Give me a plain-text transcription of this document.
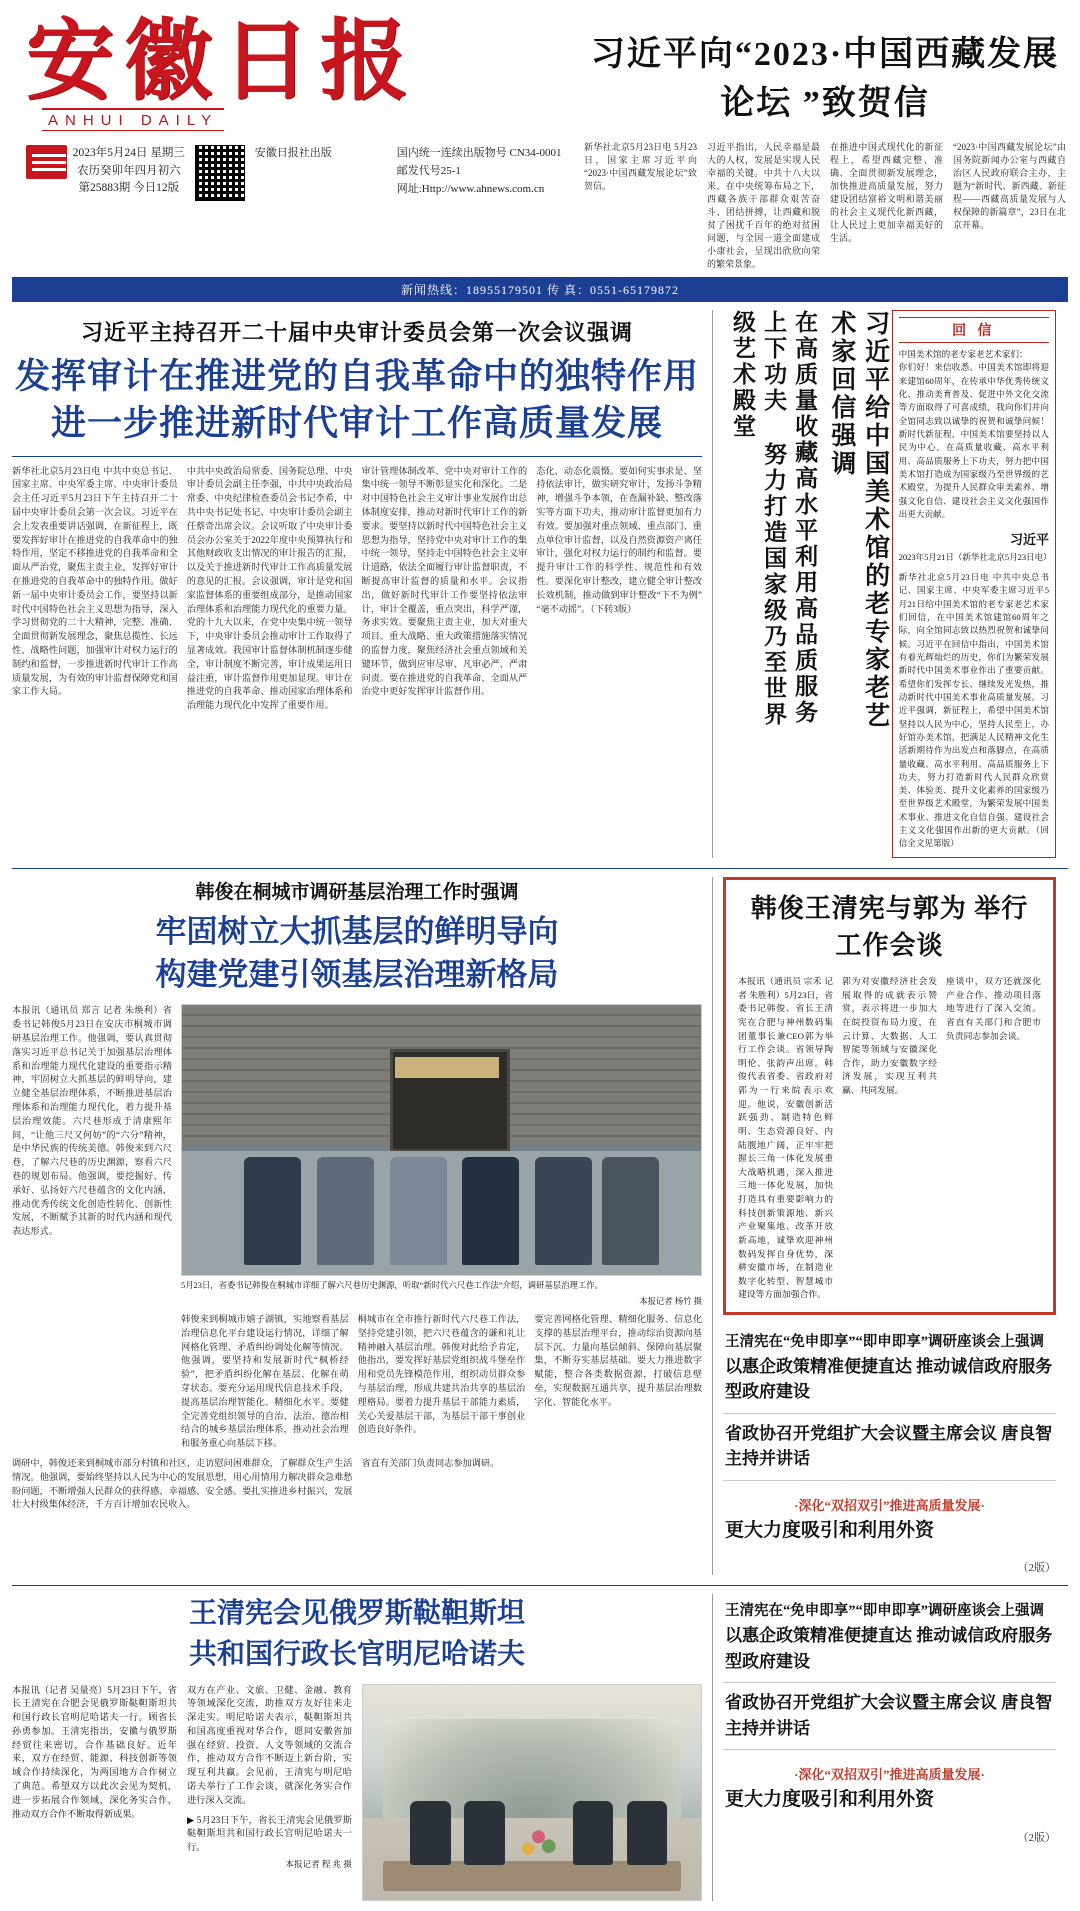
安徽日报
ANHUI DAILY
2023年5月24日 星期三
农历癸卯年四月初六
第25883期 今日12版
安徽日报社出版	国内统一连续出版物号 CN34-0001 邮发代号25-1
网址:Http://www.ahnews.com.cn
习近平向“2023·中国西藏发展论坛 ”致贺信
新华社北京5月23日电 5月23日，国家主席习近平向“2023·中国西藏发展论坛”致贺信。
习近平指出，人民幸福是最大的人权，发展是实现人民幸福的关键。中共十八大以来，在中央统筹布局之下，西藏各族干部群众艰苦奋斗、团结拼搏，让西藏和脱贫了困扰千百年的绝对贫困问题，与全国一道全面建成小康社会，呈现出欣欣向荣的繁荣景象。
在推进中国式现代化的新征程上，希望西藏完整、准确、全面贯彻新发展理念，加快推进高质量发展，努力建设团结富裕文明和谐美丽的社会主义现代化新西藏，让人民过上更加幸福美好的生活。
“2023·中国西藏发展论坛”由国务院新闻办公室与西藏自治区人民政府联合主办，主题为“新时代、新西藏、新征程——西藏高质量发展与人权保障的新篇章”，23日在北京开幕。
新闻热线：18955179501 传 真：0551-65179872
习近平主持召开二十届中央审计委员会第一次会议强调
发挥审计在推进党的自我革命中的独特作用
进一步推进新时代审计工作高质量发展
新华社北京5月23日电 中共中央总书记、国家主席、中央军委主席、中央审计委员会主任习近平5月23日下午主持召开二十届中央审计委员会第一次会议。习近平在会上发表重要讲话强调，在新征程上，既要发挥好审计在推进党的自我革命中的独特作用，坚定不移推进党的自我革命和全面从严治党，聚焦主责主业，发挥好审计在推进党的自我革命中的独特作用。做好新一届中央审计委员会工作，要坚持以新时代中国特色社会主义思想为指导，深入学习贯彻党的二十大精神，完整、准确、全面贯彻新发展理念，聚焦总揽性、长远性、战略性问题，加强审计对权力运行的制约和监督，一步推进新时代审计工作高质量发展，为有效的审计监督保障党和国家工作大局。
中共中央政治局常委、国务院总理、中央审计委员会副主任李强，中共中央政治局常委、中央纪律检查委员会书记李希，中共中央书记处书记、中央审计委员会副主任蔡奇出席会议。会议听取了中央审计委员会办公室关于2022年度中央预算执行和其他财政收支出情况的审计报告的汇报，以及关于推进新时代审计工作高质量发展的意见的汇报。会议强调，审计是党和国家监督体系的重要组成部分，是推动国家治理体系和治理能力现代化的重要力量。党的十九大以来，在党中央集中统一领导下，中央审计委员会推动审计工作取得了显著成效。我国审计监督体制机制逐步健全，审计制度不断完善，审计成果运用日益注重，审计监督作用更加显现。审计在推进党的自我革命、推动国家治理体系和治理能力现代化中发挥了重要作用。
审计管理体制改革、党中央对审计工作的集中统一领导不断彰显实化和深化。二是对中国特色社会主义审计事业发展作出总体制度安排，推动对新时代审计工作的新要求。要坚持以新时代中国特色社会主义思想为指导，坚持党中央对审计工作的集中统一领导，坚持走中国特色社会主义审计道路，依法全面履行审计监督职责，不断提高审计监督的质量和水平。会议指出，做好新时代审计工作要坚持依法审计，审计全覆盖，重点突出，科学严谨，务求实效。要聚焦主责主业，加大对重大项目、重大战略、重大政策措施落实情况的监督力度，聚焦经济社会重点领域和关键环节，做到应审尽审、凡审必严、严肃问责。要在推进党的自我革命、全面从严治党中更好发挥审计监督作用。
态化、动态化震慑。要如何实事求是、坚持依法审计，做实研究审计，发扬斗争精神，增强斗争本领，在查漏补缺、整改落实等方面下功夫，推动审计监督更加有力有效。要加强对重点领域、重点部门、重点单位审计监督，以及自然资源资产离任审计，强化对权力运行的制约和监督。要提升审计工作的科学性、规范性和有效性。要深化审计整改，建立健全审计整改长效机制，推动做到审计整改“下不为例”“毫不动摇”。（下转3版）	习近平给中国美术馆的老专家老艺术家回信强调
在高质量收藏高水平利用高品质服务上下功夫 努力打造国家级乃至世界级艺术殿堂	回 信
中国美术馆的老专家老艺术家们：
你们好！来信收悉。中国美术馆即将迎来建馆60周年，在传承中华优秀传统文化、推动美育普及、促进中外文化交流等方面取得了可喜成绩，我向你们并向全馆同志致以诚挚的祝贺和诚挚问候！新时代新征程，中国美术馆要坚持以人民为中心，在高质量收藏、高水平利用、高品质服务上下功夫，努力把中国美术馆打造成为国家级乃至世界级的艺术殿堂，为提升人民群众审美素养、增强文化自信、建设社会主义文化强国作出更大贡献。
习近平
2023年5月21日（新华社北京5月23日电）
新华社北京5月23日电 中共中央总书记、国家主席、中央军委主席习近平5月21日给中国美术馆的老专家老艺术家们回信，在中国美术馆建馆60周年之际，向全馆同志致以热烈祝贺和诚挚问候。习近平在回信中指出，中国美术馆有着光辉灿烂的历史，你们为繁荣发展新时代中国美术事业作出了重要贡献。希望你们发挥专长、继续发光发热，推动新时代中国美术事业高质量发展。习近平强调，新征程上，希望中国美术馆坚持以人民为中心，坚持人民至上，办好馆办美术馆，把满足人民精神文化生活新期待作为出发点和落脚点，在高质量收藏、高水平利用、高品质服务上下功夫，努力打造新时代人民群众欣赏美、体验美、提升文化素养的国家级乃至世界级艺术殿堂，为繁荣发展中国美术事业、推进文化自信自强、建设社会主义文化强国作出新的更大贡献。（回信全文见第版）
韩俊在桐城市调研基层治理工作时强调
牢固树立大抓基层的鲜明导向
构建党建引领基层治理新格局
本报讯（通讯员 郑言 记者 朱焕利）省委书记韩俊5月23日在安庆市桐城市调研基层治理工作。他强调，要认真贯彻落实习近平总书记关于加强基层治理体系和治理能力现代化建设的重要指示精神，牢固树立大抓基层的鲜明导向，建立健全基层治理体系，不断推进基层治理体系和治理能力现代化，着力提升基层治理效能。六尺巷形成于清康熙年间，“让他三尺又何妨”的“六分”精神，是中华民族的传统美德。韩俊来到六尺巷，了解六尺巷的历史渊源，察看六尺巷的规划布局。他强调，要挖掘好、传承好、弘扬好六尺巷蕴含的文化内涵，推动优秀传统文化创造性转化、创新性发展，不断赋予其新的时代内涵和现代表达形式。
5月23日，省委书记韩俊在桐城市详细了解六尺巷历史渊源，听取“新时代六尺巷工作法”介绍，调研基层治理工作。
本报记者 杨竹 摄
韩俊来到桐城市嬉子湖镇，实地察看基层治理信息化平台建设运行情况，详细了解网格化管理、矛盾纠纷调处化解等情况。他强调，要坚持和发展新时代“枫桥经验”，把矛盾纠纷化解在基层、化解在萌芽状态。要充分运用现代信息技术手段，提高基层治理智能化、精细化水平。要健全完善党组织领导的自治、法治、德治相结合的城乡基层治理体系，推动社会治理和服务重心向基层下移。
桐城市在全市推行新时代六尺巷工作法，坚持党建引领，把六尺巷蕴含的谦和礼让精神融入基层治理。韩俊对此给予肯定，他指出，要发挥好基层党组织战斗堡垒作用和党员先锋模范作用，组织动员群众参与基层治理，形成共建共治共享的基层治理格局。要着力提升基层干部能力素质，关心关爱基层干部，为基层干部干事创业创造良好条件。
要完善网格化管理、精细化服务、信息化支撑的基层治理平台，推动综治资源向基层下沉、力量向基层倾斜、保障向基层聚集，不断夯实基层基础。要大力推进数字赋能，整合各类数据资源，打破信息壁垒，实现数据互通共享，提升基层治理数字化、智能化水平。
调研中，韩俊还来到桐城市部分村镇和社区，走访慰问困难群众，了解群众生产生活情况。他强调，要始终坚持以人民为中心的发展思想，用心用情用力解决群众急难愁盼问题，不断增强人民群众的获得感、幸福感、安全感。要扎实推进乡村振兴，发展壮大村级集体经济，千方百计增加农民收入。
省直有关部门负责同志参加调研。
韩俊王清宪与郭为 举行工作会谈
本报讯（通讯员 宗禾 记者 朱胜利）5月23日，省委书记韩俊、省长王清宪在合肥与神州数码集团董事长兼CEO郭为举行工作会谈。省领导陶明伦、张韵声出席。韩俊代表省委、省政府对郭为一行来皖表示欢迎。他说，安徽创新活跃强劲、制造特色鲜明、生态资源良好、内陆腹地广阔，正牢牢把握长三角一体化发展重大战略机遇，深入推进三地一体化发展，加快打造具有重要影响力的科技创新策源地、新兴产业聚集地、改革开放新高地，诚挚欢迎神州数码发挥自身优势，深耕安徽市场，在制造业数字化转型、智慧城市建设等方面加强合作。
郭为对安徽经济社会发展取得的成就表示赞赏，表示将进一步加大在皖投资布局力度，在云计算、大数据、人工智能等领域与安徽深化合作，助力安徽数字经济发展，实现互利共赢、共同发展。
座谈中，双方还就深化产业合作、推动项目落地等进行了深入交流。省直有关部门和合肥市负责同志参加会谈。
王清宪在“免申即享”“即申即享”调研座谈会上强调
以惠企政策精准便捷直达 推动诚信政府服务型政府建设
省政协召开党组扩大会议暨主席会议 唐良智主持并讲话
·深化“双招双引”推进高质量发展·
更大力度吸引和利用外资
（2版）
王清宪会见俄罗斯鞑靼斯坦
共和国行政长官明尼哈诺夫
本报讯（记者 吴量亮）5月23日下午，省长王清宪在合肥会见俄罗斯鞑靼斯坦共和国行政长官明尼哈诺夫一行。顾省长孙勇参加。王清宪指出，安徽与俄罗斯经贸往来密切，合作基础良好。近年来，双方在经贸、能源、科技创新等领域合作持续深化，为两国地方合作树立了典范。希望双方以此次会见为契机，进一步拓展合作领域，深化务实合作，推动双方合作不断取得新成果。
双方在产业、文旅、卫健、金融、教育等领域深化交流，助推双方友好往来走深走实。明尼哈诺夫表示，鞑靼斯坦共和国高度重视对华合作，愿同安徽省加强在经贸、投资、人文等领域的交流合作，推动双方合作不断迈上新台阶，实现互利共赢。会见前，王清宪与明尼哈诺夫举行了工作会谈，就深化务实合作进行深入交流。
▶ 5月23日下午，省长王清宪会见俄罗斯鞑靼斯坦共和国行政长官明尼哈诺夫一行。
本报记者 程 兆 摄
王清宪在“免申即享”“即申即享”调研座谈会上强调
以惠企政策精准便捷直达 推动诚信政府服务型政府建设
省政协召开党组扩大会议暨主席会议 唐良智主持并讲话
·深化“双招双引”推进高质量发展·
更大力度吸引和利用外资
（2版）
